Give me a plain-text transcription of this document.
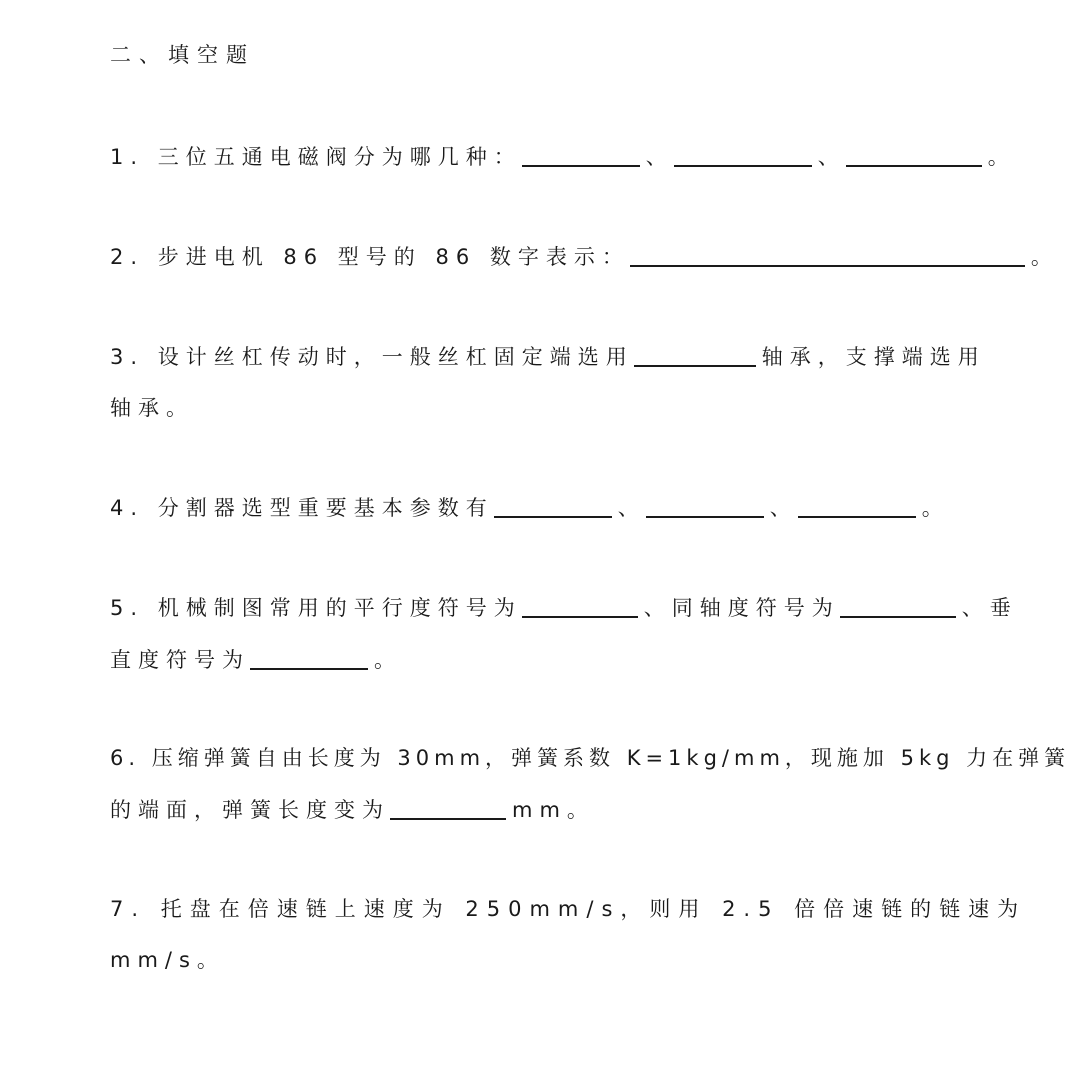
二、填空题
1. 三位五通电磁阀分为哪几种：	、	、	。
2. 步进电机 86 型号的 86 数字表示：	。
3. 设计丝杠传动时，一般丝杠固定端选用	轴承，支撑端选用
轴承。
4. 分割器选型重要基本参数有	、	、	。
5. 机械制图常用的平行度符号为	、同轴度符号为	、垂
直度符号为	。
6. 压缩弹簧自由长度为 30mm，弹簧系数 K=1kg/mm，现施加 5kg 力在弹簧
的端面，弹簧长度变为	mm。
7. 托盘在倍速链上速度为 250mm/s，则用 2.5 倍倍速链的链速为
mm/s。
